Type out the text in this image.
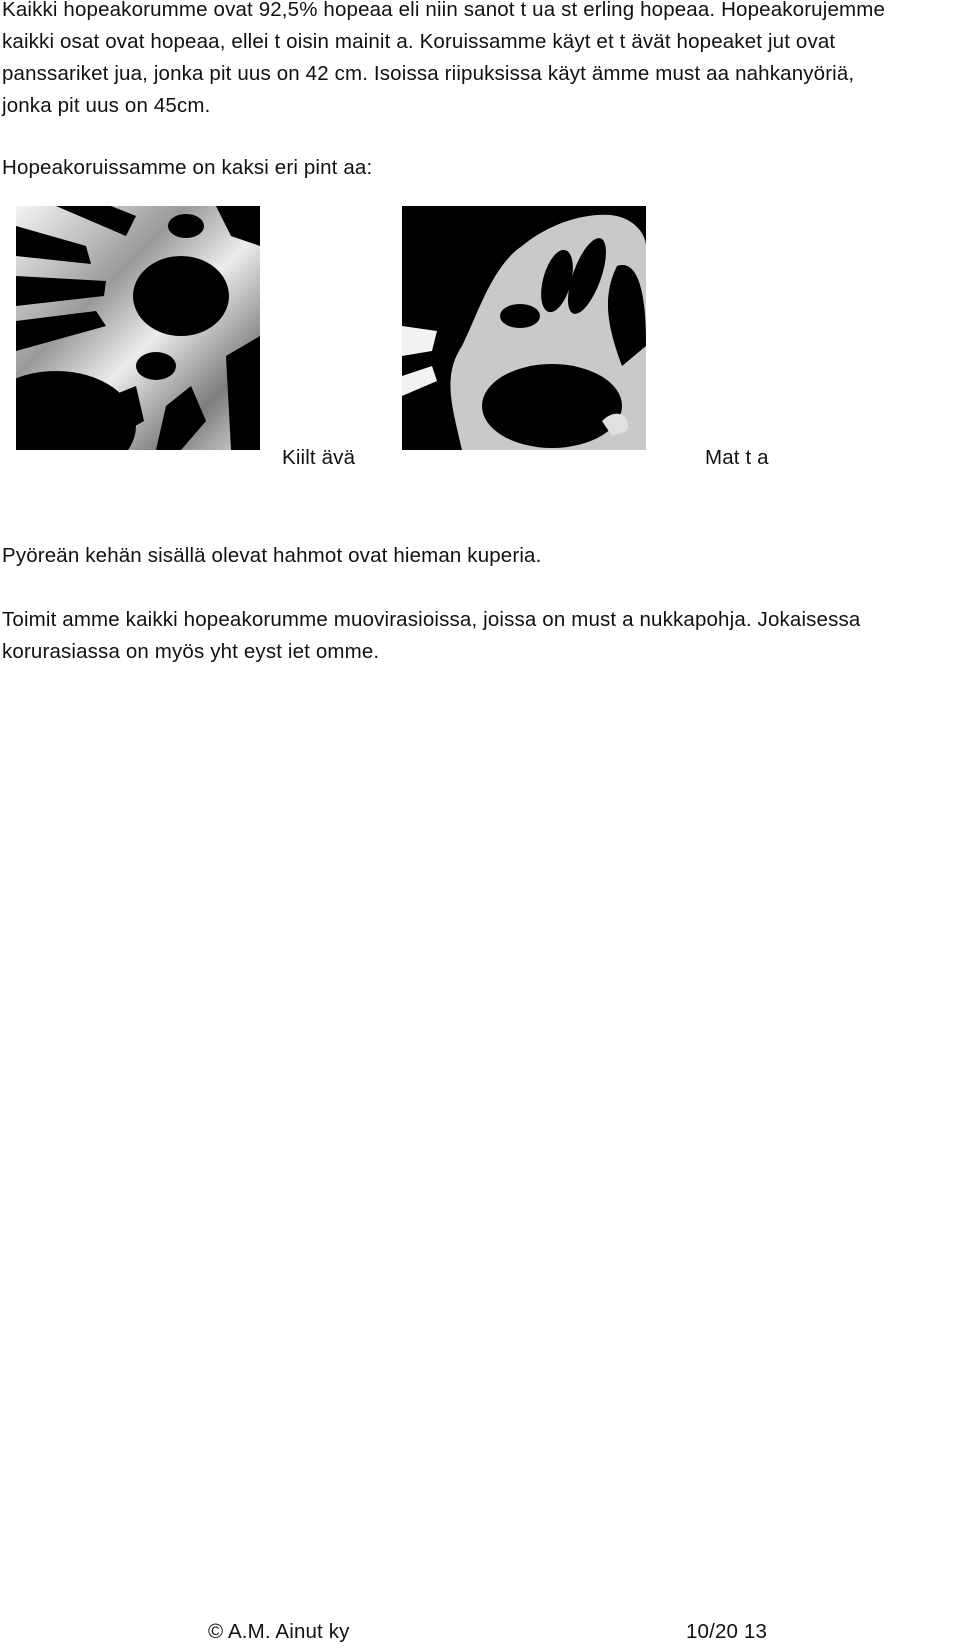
Kaikki hopeakorumme ovat 92,5% hopeaa eli niin sanot t ua st erling hopeaa. Hopeakorujemme
kaikki osat ovat hopeaa, ellei t oisin mainit a. Koruissamme käyt et t ävät hopeaket jut ovat
panssariket jua, jonka pit uus on 42 cm. Isoissa riipuksissa käyt ämme must aa nahkanyöriä,
jonka pit uus on 45cm.

Hopeakoruissamme on kaksi eri pint aa:

Kiilt ävä	Mat t a

Pyöreän kehän sisällä olevat hahmot ovat hieman kuperia.

Toimit amme kaikki hopeakorumme muovirasioissa, joissa on must a nukkapohja. Jokaisessa
korurasiassa on myös yht eyst iet omme.

© A.M. Ainut ky	10/20 13
